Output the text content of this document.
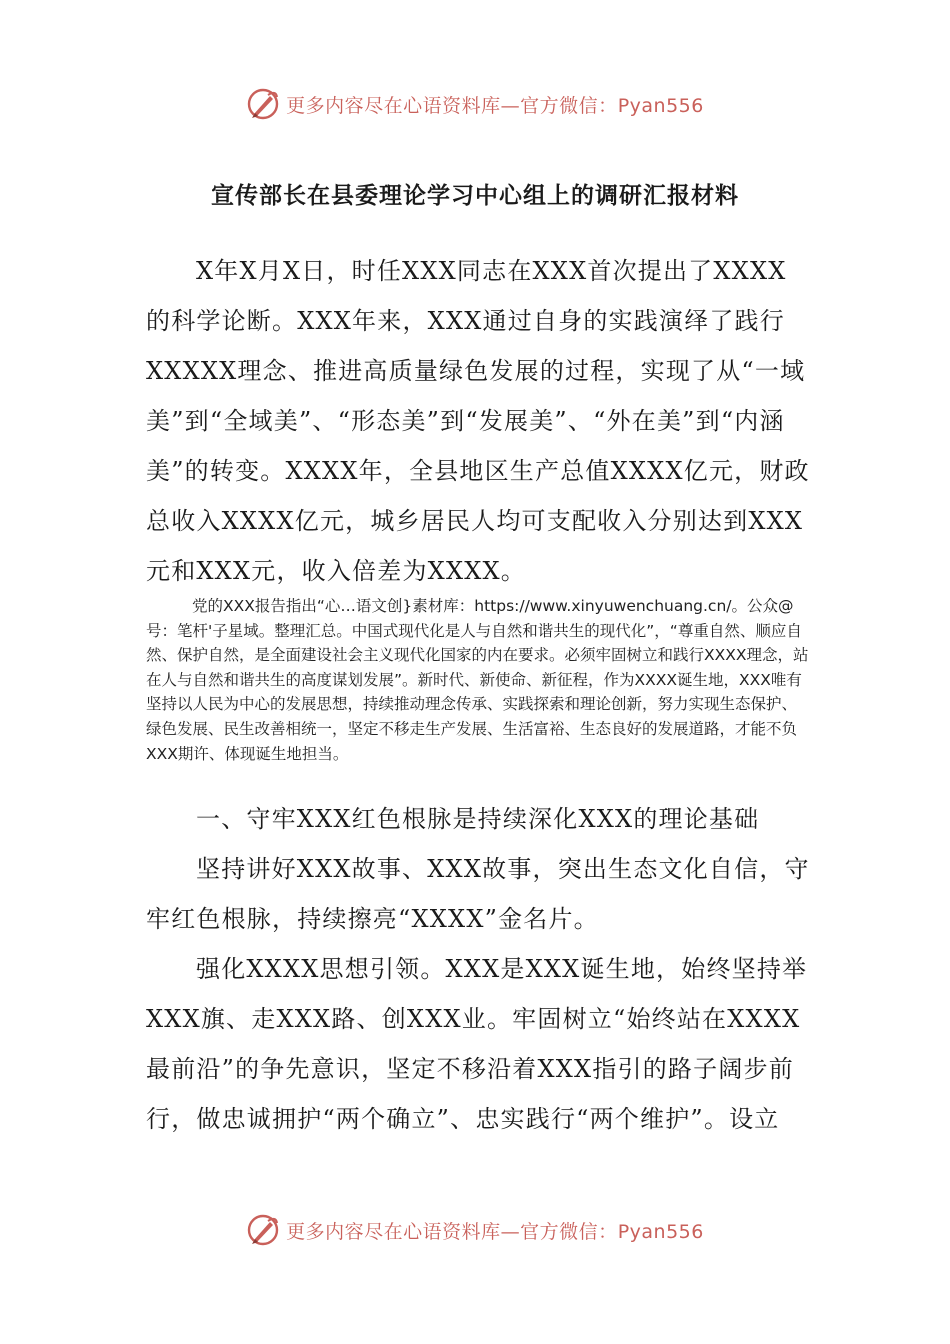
更多内容尽在心语资料库—官方微信：Pyan556
宣传部长在县委理论学习中心组上的调研汇报材料

X年X月X日，时任XXX同志在XXX首次提出了XXXX的科学论断。XXX年来，XXX通过自身的实践演绎了践行XXXXX理念、推进高质量绿色发展的过程，实现了从“一域美”到“全域美”、“形态美”到“发展美”、“外在美”到“内涵美”的转变。XXXX年，全县地区生产总值XXXX亿元，财政总收入XXXX亿元，城乡居民人均可支配收入分别达到XXX元和XXX元，收入倍差为XXXX。

党的XXX报告指出“心…语文创}素材库：https://www.xinyuwenchuang.cn/。公众@号：笔杆'子星域。整理汇总。中国式现代化是人与自然和谐共生的现代化”，“尊重自然、顺应自然、保护自然，是全面建设社会主义现代化国家的内在要求。必须牢固树立和践行XXXX理念，站在人与自然和谐共生的高度谋划发展”。新时代、新使命、新征程，作为XXXX诞生地，XXX唯有坚持以人民为中心的发展思想，持续推动理念传承、实践探索和理论创新，努力实现生态保护、绿色发展、民生改善相统一，坚定不移走生产发展、生活富裕、生态良好的发展道路，才能不负XXX期许、体现诞生地担当。

一、守牢XXX红色根脉是持续深化XXX的理论基础

坚持讲好XXX故事、XXX故事，突出生态文化自信，守牢红色根脉，持续擦亮“XXXX”金名片。

强化XXXX思想引领。XXX是XXX诞生地，始终坚持举XXX旗、走XXX路、创XXX业。牢固树立“始终站在XXXX最前沿”的争先意识，坚定不移沿着XXX指引的路子阔步前行，做忠诚拥护“两个确立”、忠实践行“两个维护”。设立

更多内容尽在心语资料库—官方微信：Pyan556
